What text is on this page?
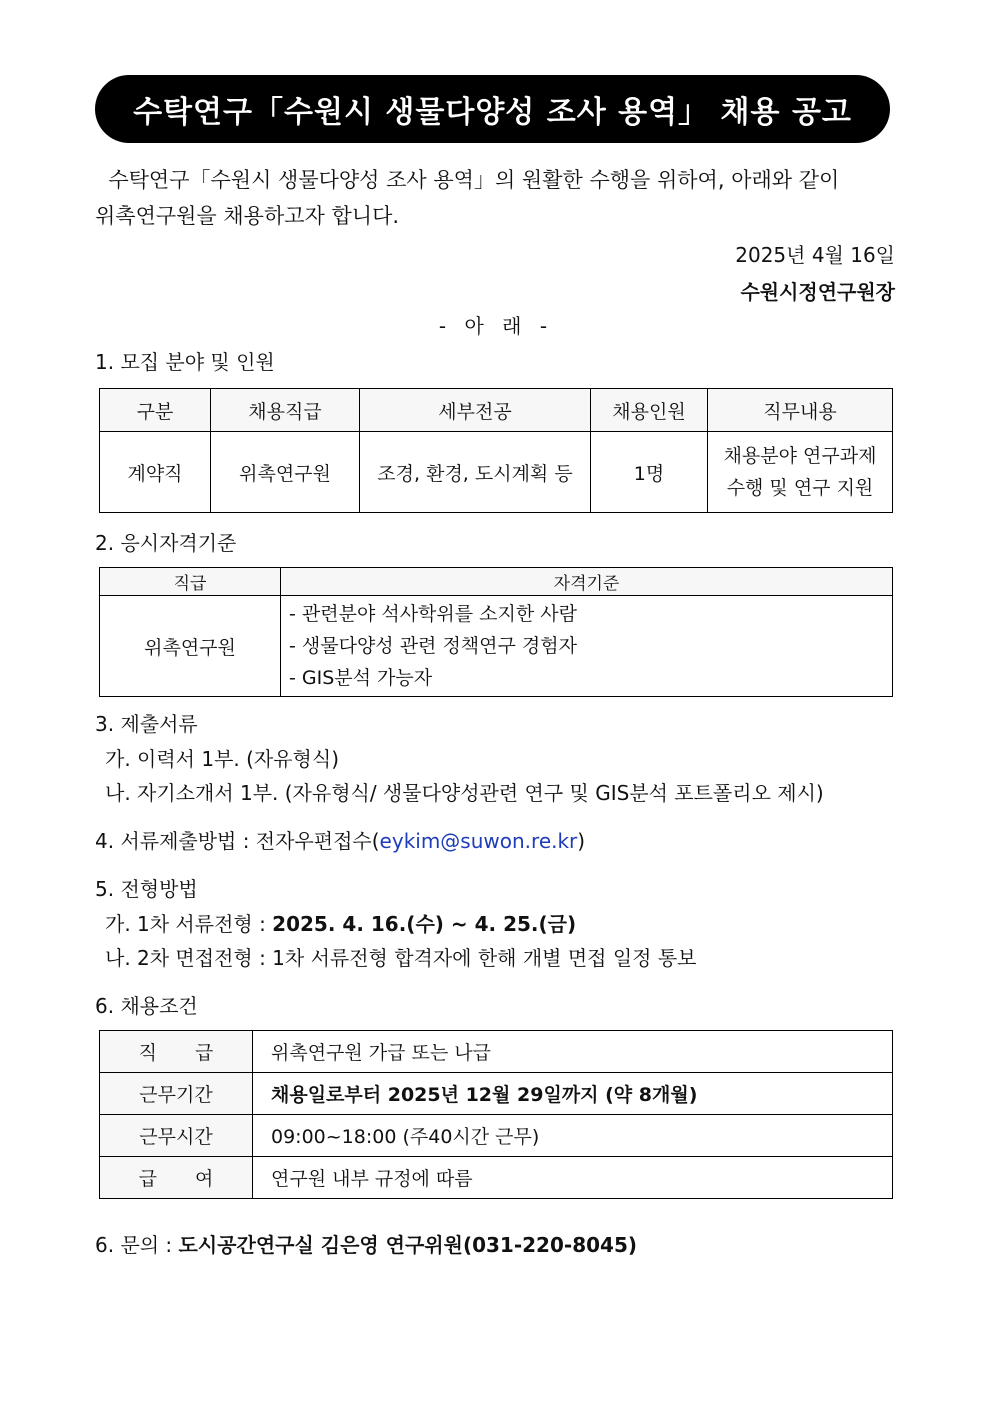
수탁연구「수원시 생물다양성 조사 용역」 채용 공고
수탁연구「수원시 생물다양성 조사 용역」의 원활한 수행을 위하여, 아래와 같이
위촉연구원을 채용하고자 합니다.
2025년 4월 16일
수원시정연구원장
- 아 래 -
1. 모집 분야 및 인원
구분	채용직급	세부전공	채용인원	직무내용
계약직	위촉연구원	조경, 환경, 도시계획 등	1명	채용분야 연구과제
수행 및 연구 지원
2. 응시자격기준
직급	자격기준
위촉연구원	- 관련분야 석사학위를 소지한 사람
- 생물다양성 관련 정책연구 경험자
- GIS분석 가능자
3. 제출서류
가. 이력서 1부. (자유형식)
나. 자기소개서 1부. (자유형식/ 생물다양성관련 연구 및 GIS분석 포트폴리오 제시)
4. 서류제출방법 : 전자우편접수(eykim@suwon.re.kr)
5. 전형방법
가. 1차 서류전형 : 2025. 4. 16.(수) ~ 4. 25.(금)
나. 2차 면접전형 : 1차 서류전형 합격자에 한해 개별 면접 일정 통보
6. 채용조건
직　　급	위촉연구원 가급 또는 나급
근무기간	채용일로부터 2025년 12월 29일까지 (약 8개월)
근무시간	09:00~18:00 (주40시간 근무)
급　　여	연구원 내부 규정에 따름
6. 문의 : 도시공간연구실 김은영 연구위원(031-220-8045)
